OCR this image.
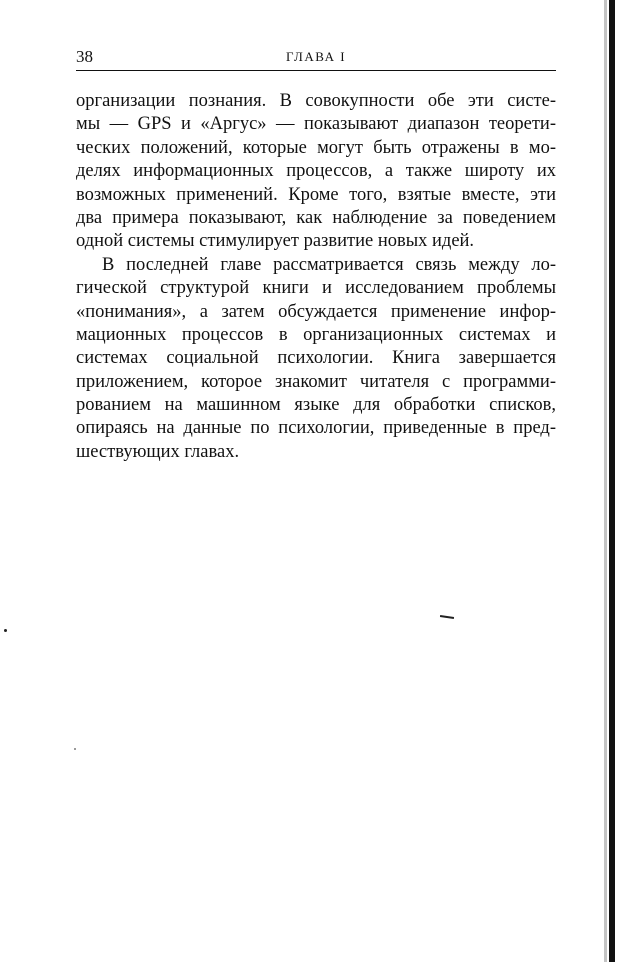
38	ГЛАВА I
организации познания. В совокупности обе эти систе-
мы — GPS и «Аргус» — показывают диапазон теорети-
ческих положений, которые могут быть отражены в мо-
делях информационных процессов, а также широту их
возможных применений. Кроме того, взятые вместе, эти
два примера показывают, как наблюдение за поведением
одной системы стимулирует развитие новых идей.
В последней главе рассматривается связь между ло-
гической структурой книги и исследованием проблемы
«понимания», а затем обсуждается применение инфор-
мационных процессов в организационных системах и
системах социальной психологии. Книга завершается
приложением, которое знакомит читателя с программи-
рованием на машинном языке для обработки списков,
опираясь на данные по психологии, приведенные в пред-
шествующих главах.
